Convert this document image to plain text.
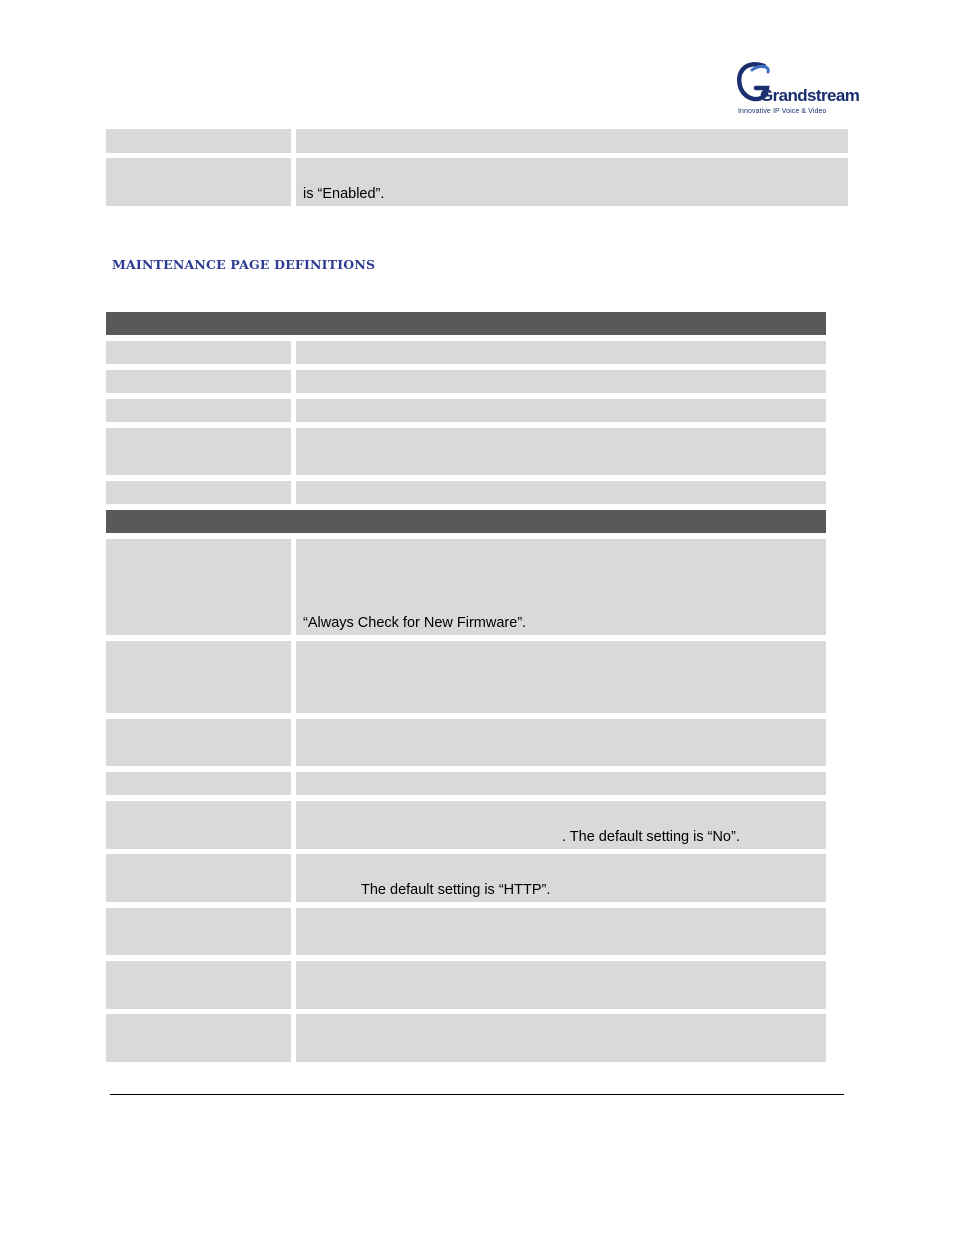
Grandstream
Innovative IP Voice & Video
is “Enabled”.
MAINTENANCE PAGE DEFINITIONS
“Always Check for New Firmware”.
. The default setting is “No”.
The default setting is “HTTP”.
